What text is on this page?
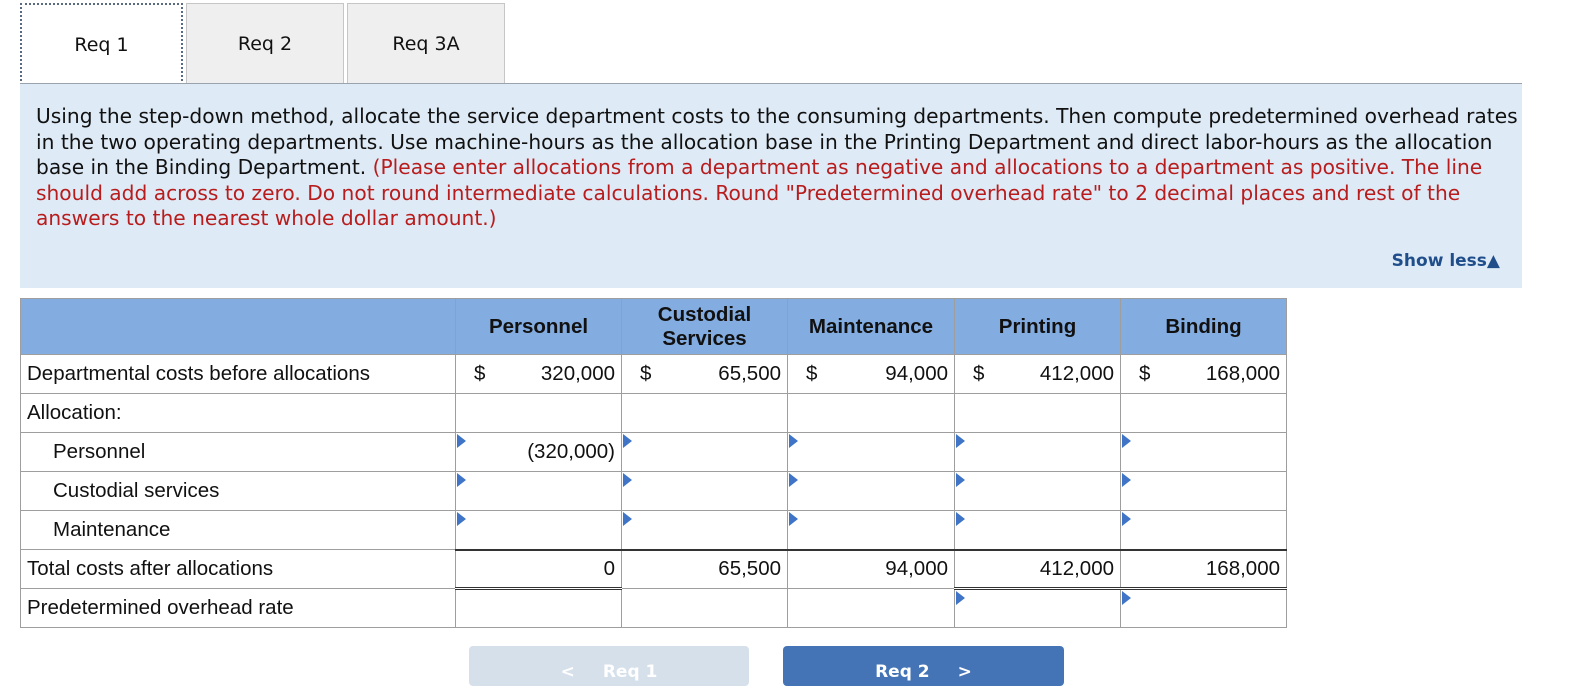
Req 1	Req 2	Req 3A
Using the step-down method, allocate the service department costs to the consuming departments. Then compute predetermined overhead rates in the two operating departments. Use machine-hours as the allocation base in the Printing Department and direct labor-hours as the allocation base in the Binding Department. (Please enter allocations from a department as negative and allocations to a department as positive. The line should add across to zero. Do not round intermediate calculations. Round "Predetermined overhead rate" to 2 decimal places and rest of the answers to the nearest whole dollar amount.)
Show less▲
	Personnel	Custodial
Services	Maintenance	Printing	Binding
Departmental costs before allocations	$ 320,000	$ 65,500	$ 94,000	$ 412,000	$ 168,000

Allocation:					
Personnel	(320,000)	

Custodial services	

Maintenance	

Total costs after allocations	0	65,500	94,000	412,000	168,000
Predetermined overhead rate				

< Req 1	Req 2 >
